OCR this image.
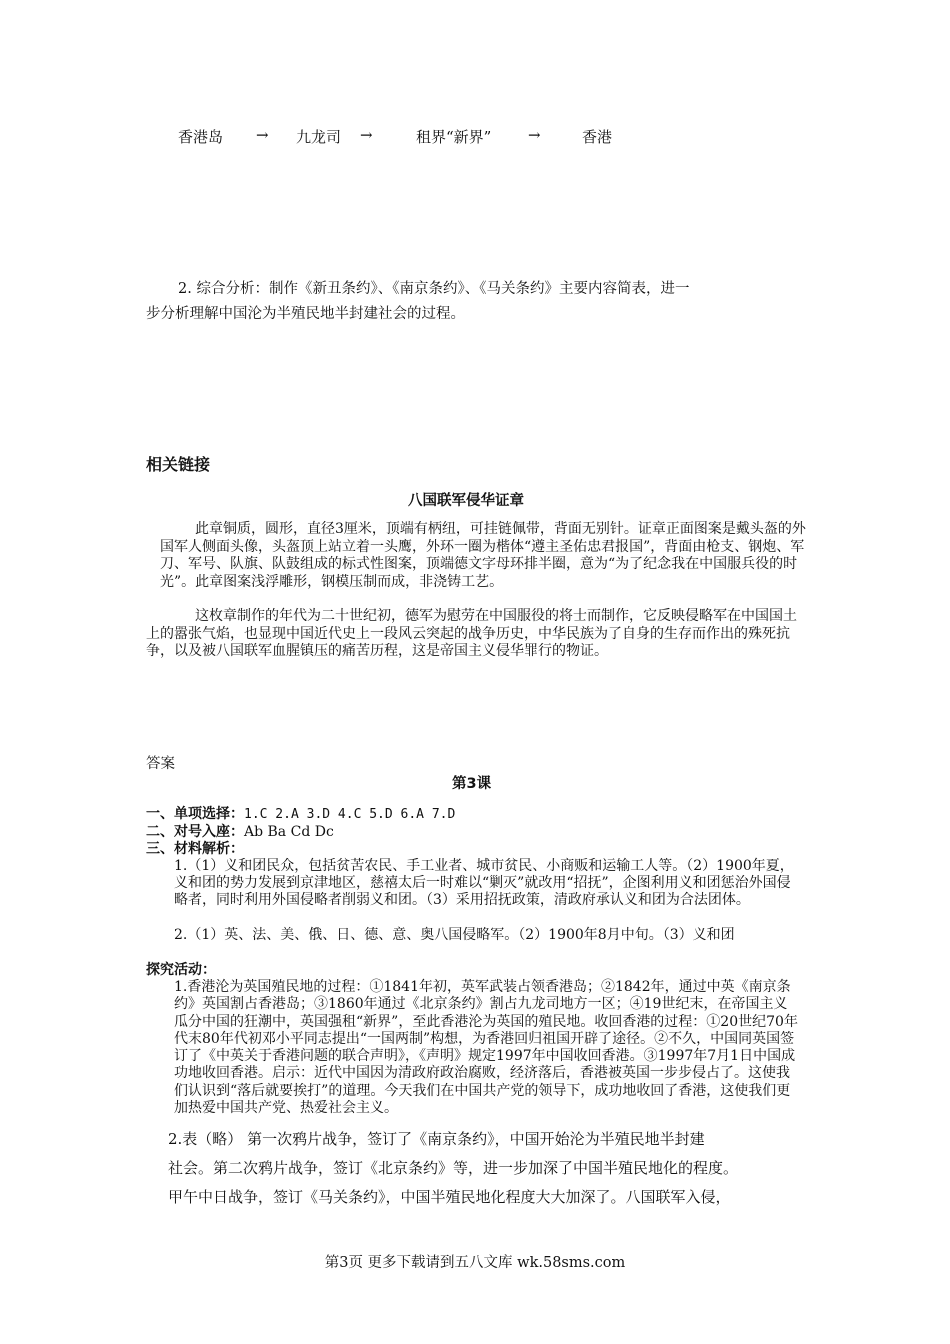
香港岛 → 九龙司 →	租界“新界” →	香港
2. 综合分析：制作《新丑条约》、《南京条约》、《马关条约》主要内容简表，进一
步分析理解中国沦为半殖民地半封建社会的过程。
相关链接
八国联军侵华证章

此章铜质，圆形，直径3厘米，顶端有柄纽，可挂链佩带，背面无别针。证章正面图案是戴头盔的外国军人侧面头像，头盔顶上站立着一头鹰，外环一圈为楷体“遵主圣佑忠君报国”，背面由枪支、钢炮、军刀、军号、队旗、队鼓组成的标式性图案，顶端德文字母环排半圈，意为“为了纪念我在中国服兵役的时光”。此章图案浅浮雕形，钢模压制而成，非浇铸工艺。

这枚章制作的年代为二十世纪初，德军为慰劳在中国服役的将士而制作，它反映侵略军在中国国土上的嚣张气焰，也显现中国近代史上一段风云突起的战争历史，中华民族为了自身的生存而作出的殊死抗争，以及被八国联军血腥镇压的痛苦历程，这是帝国主义侵华罪行的物证。

答案
第3课
一、单项选择：1.C 2.A 3.D 4.C 5.D 6.A 7.D
二、对号入座：Ab Ba Cd Dc
三、材料解析：
1.（1）义和团民众，包括贫苦农民、手工业者、城市贫民、小商贩和运输工人等。（2）1900年夏，义和团的势力发展到京津地区，慈禧太后一时难以“剿灭”就改用“招抚”，企图利用义和团惩治外国侵略者，同时利用外国侵略者削弱义和团。（3）采用招抚政策，清政府承认义和团为合法团体。
2.（1）英、法、美、俄、日、德、意、奥八国侵略军。（2）1900年8月中旬。（3）义和团
探究活动：
1.香港沦为英国殖民地的过程：①1841年初，英军武装占领香港岛；②1842年，通过中英《南京条约》英国割占香港岛；③1860年通过《北京条约》割占九龙司地方一区；④19世纪末，在帝国主义瓜分中国的狂潮中，英国强租“新界”，至此香港沦为英国的殖民地。收回香港的过程：①20世纪70年代末80年代初邓小平同志提出“一国两制”构想，为香港回归祖国开辟了途径。②不久，中国同英国签订了《中英关于香港问题的联合声明》，《声明》规定1997年中国收回香港。③1997年7月1日中国成功地收回香港。启示：近代中国因为清政府政治腐败，经济落后，香港被英国一步步侵占了。这使我们认识到“落后就要挨打”的道理。今天我们在中国共产党的领导下，成功地收回了香港，这使我们更加热爱中国共产党、热爱社会主义。
2.表（略） 第一次鸦片战争，签订了《南京条约》，中国开始沦为半殖民地半封建
社会。第二次鸦片战争，签订《北京条约》等，进一步加深了中国半殖民地化的程度。
甲午中日战争，签订《马关条约》，中国半殖民地化程度大大加深了。八国联军入侵，
第3页 更多下载请到五八文库 wk.58sms.com
